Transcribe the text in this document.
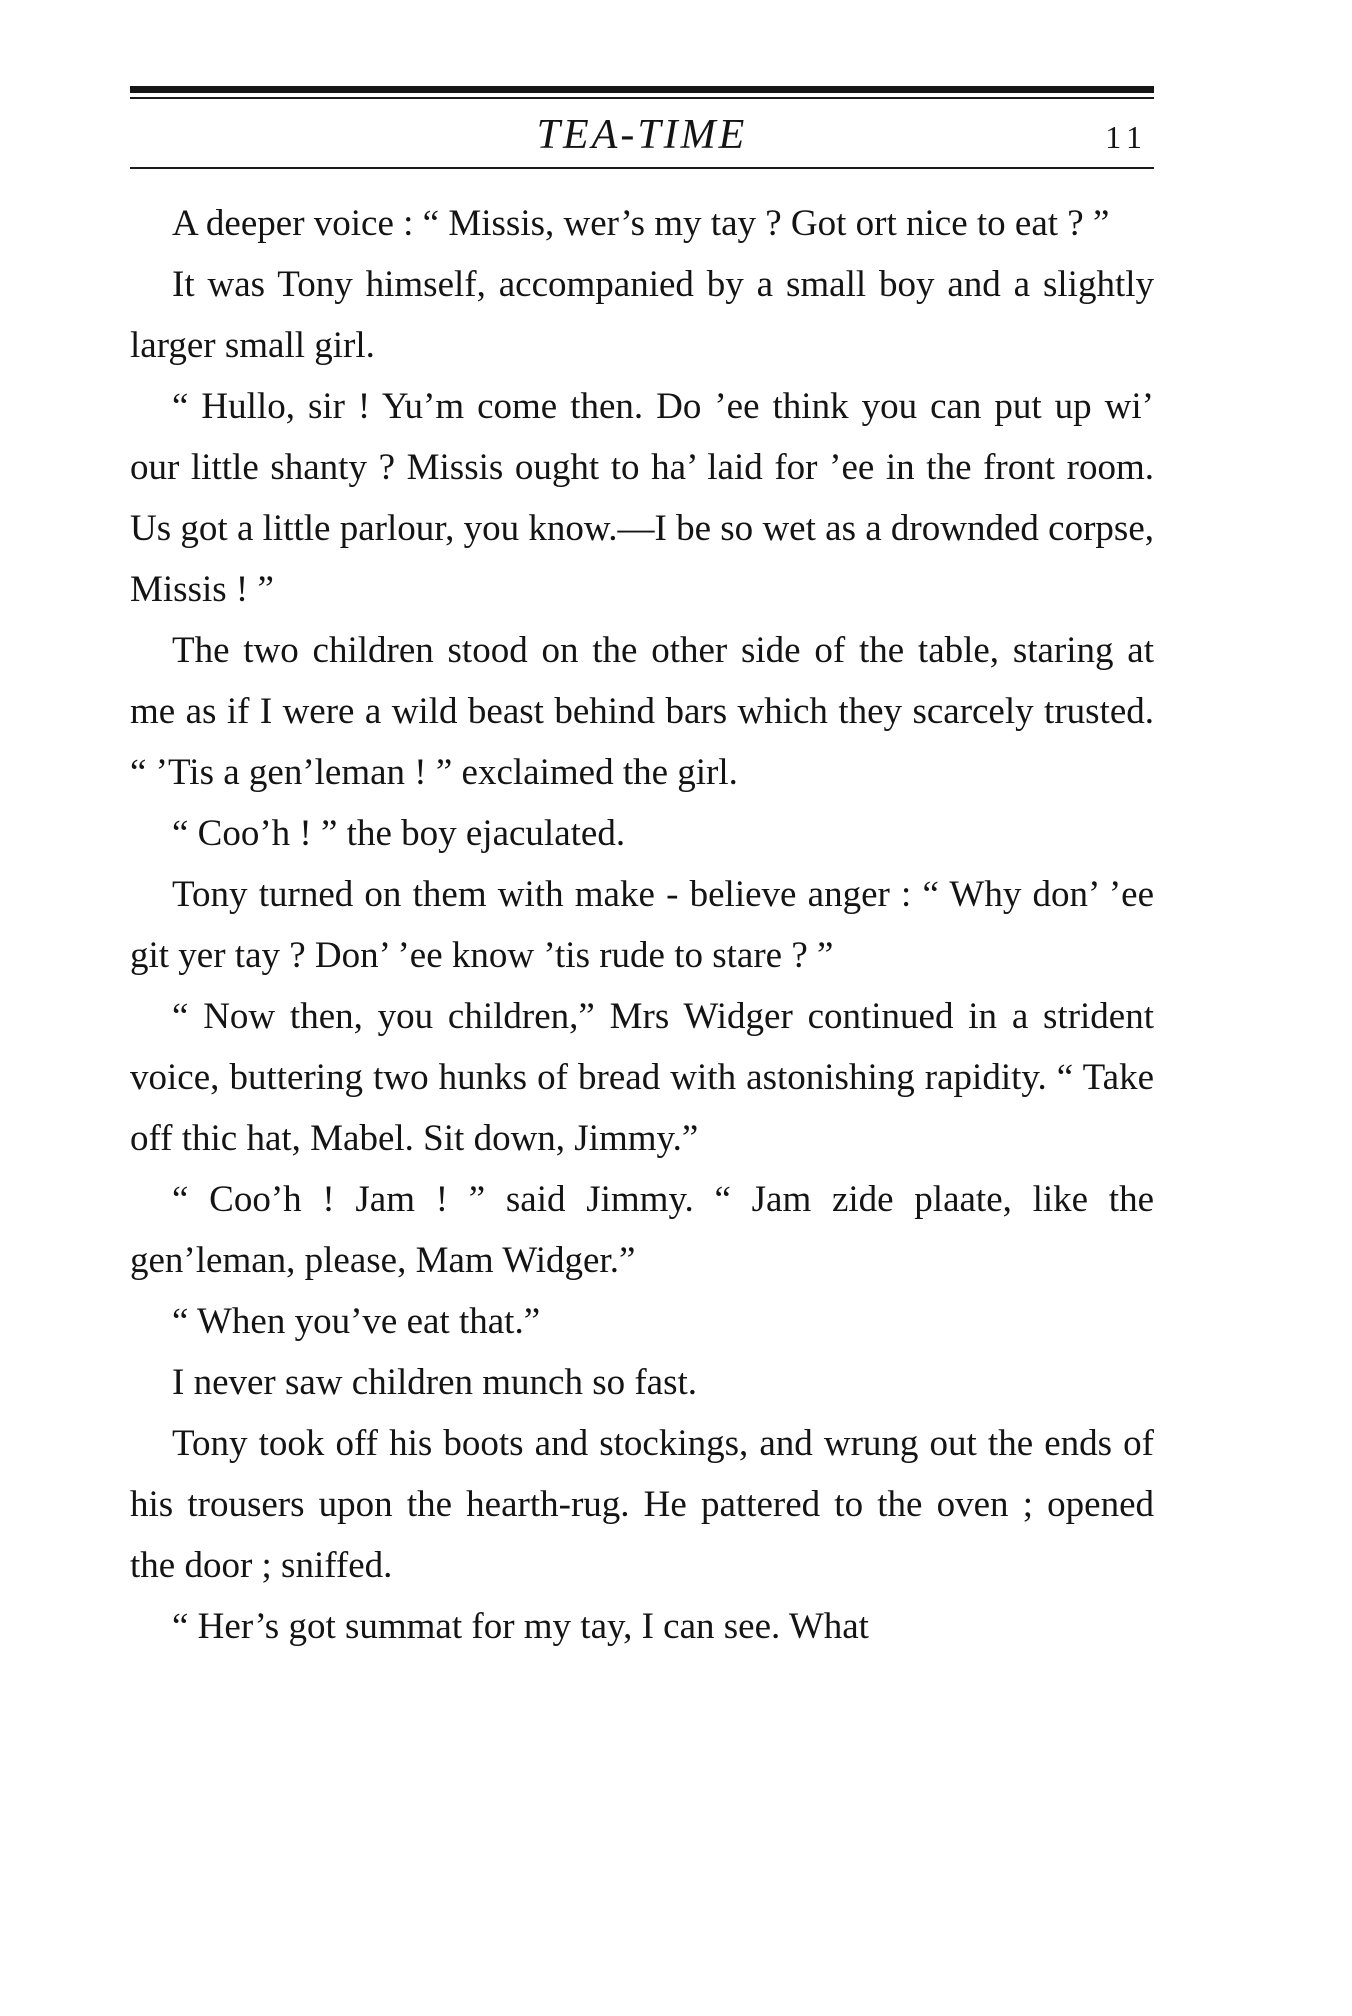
TEA-TIME	11

A deeper voice : “ Missis, wer’s my tay ? Got ort nice to eat ? ”

It was Tony himself, accompanied by a small boy and a slightly larger small girl.

“ Hullo, sir ! Yu’m come then. Do ’ee think you can put up wi’ our little shanty ? Missis ought to ha’ laid for ’ee in the front room. Us got a little parlour, you know.—I be so wet as a drownded corpse, Missis ! ”

The two children stood on the other side of the table, staring at me as if I were a wild beast behind bars which they scarcely trusted. “ ’Tis a gen’leman ! ” exclaimed the girl.

“ Coo’h ! ” the boy ejaculated.

Tony turned on them with make - believe anger : “ Why don’ ’ee git yer tay ? Don’ ’ee know ’tis rude to stare ? ”

“ Now then, you children,” Mrs Widger continued in a strident voice, buttering two hunks of bread with astonishing rapidity. “ Take off thic hat, Mabel. Sit down, Jimmy.”

“ Coo’h ! Jam ! ” said Jimmy. “ Jam zide plaate, like the gen’leman, please, Mam Widger.”

“ When you’ve eat that.”

I never saw children munch so fast.

Tony took off his boots and stockings, and wrung out the ends of his trousers upon the hearth-rug. He pattered to the oven ; opened the door ; sniffed.

“ Her’s got summat for my tay, I can see. What
